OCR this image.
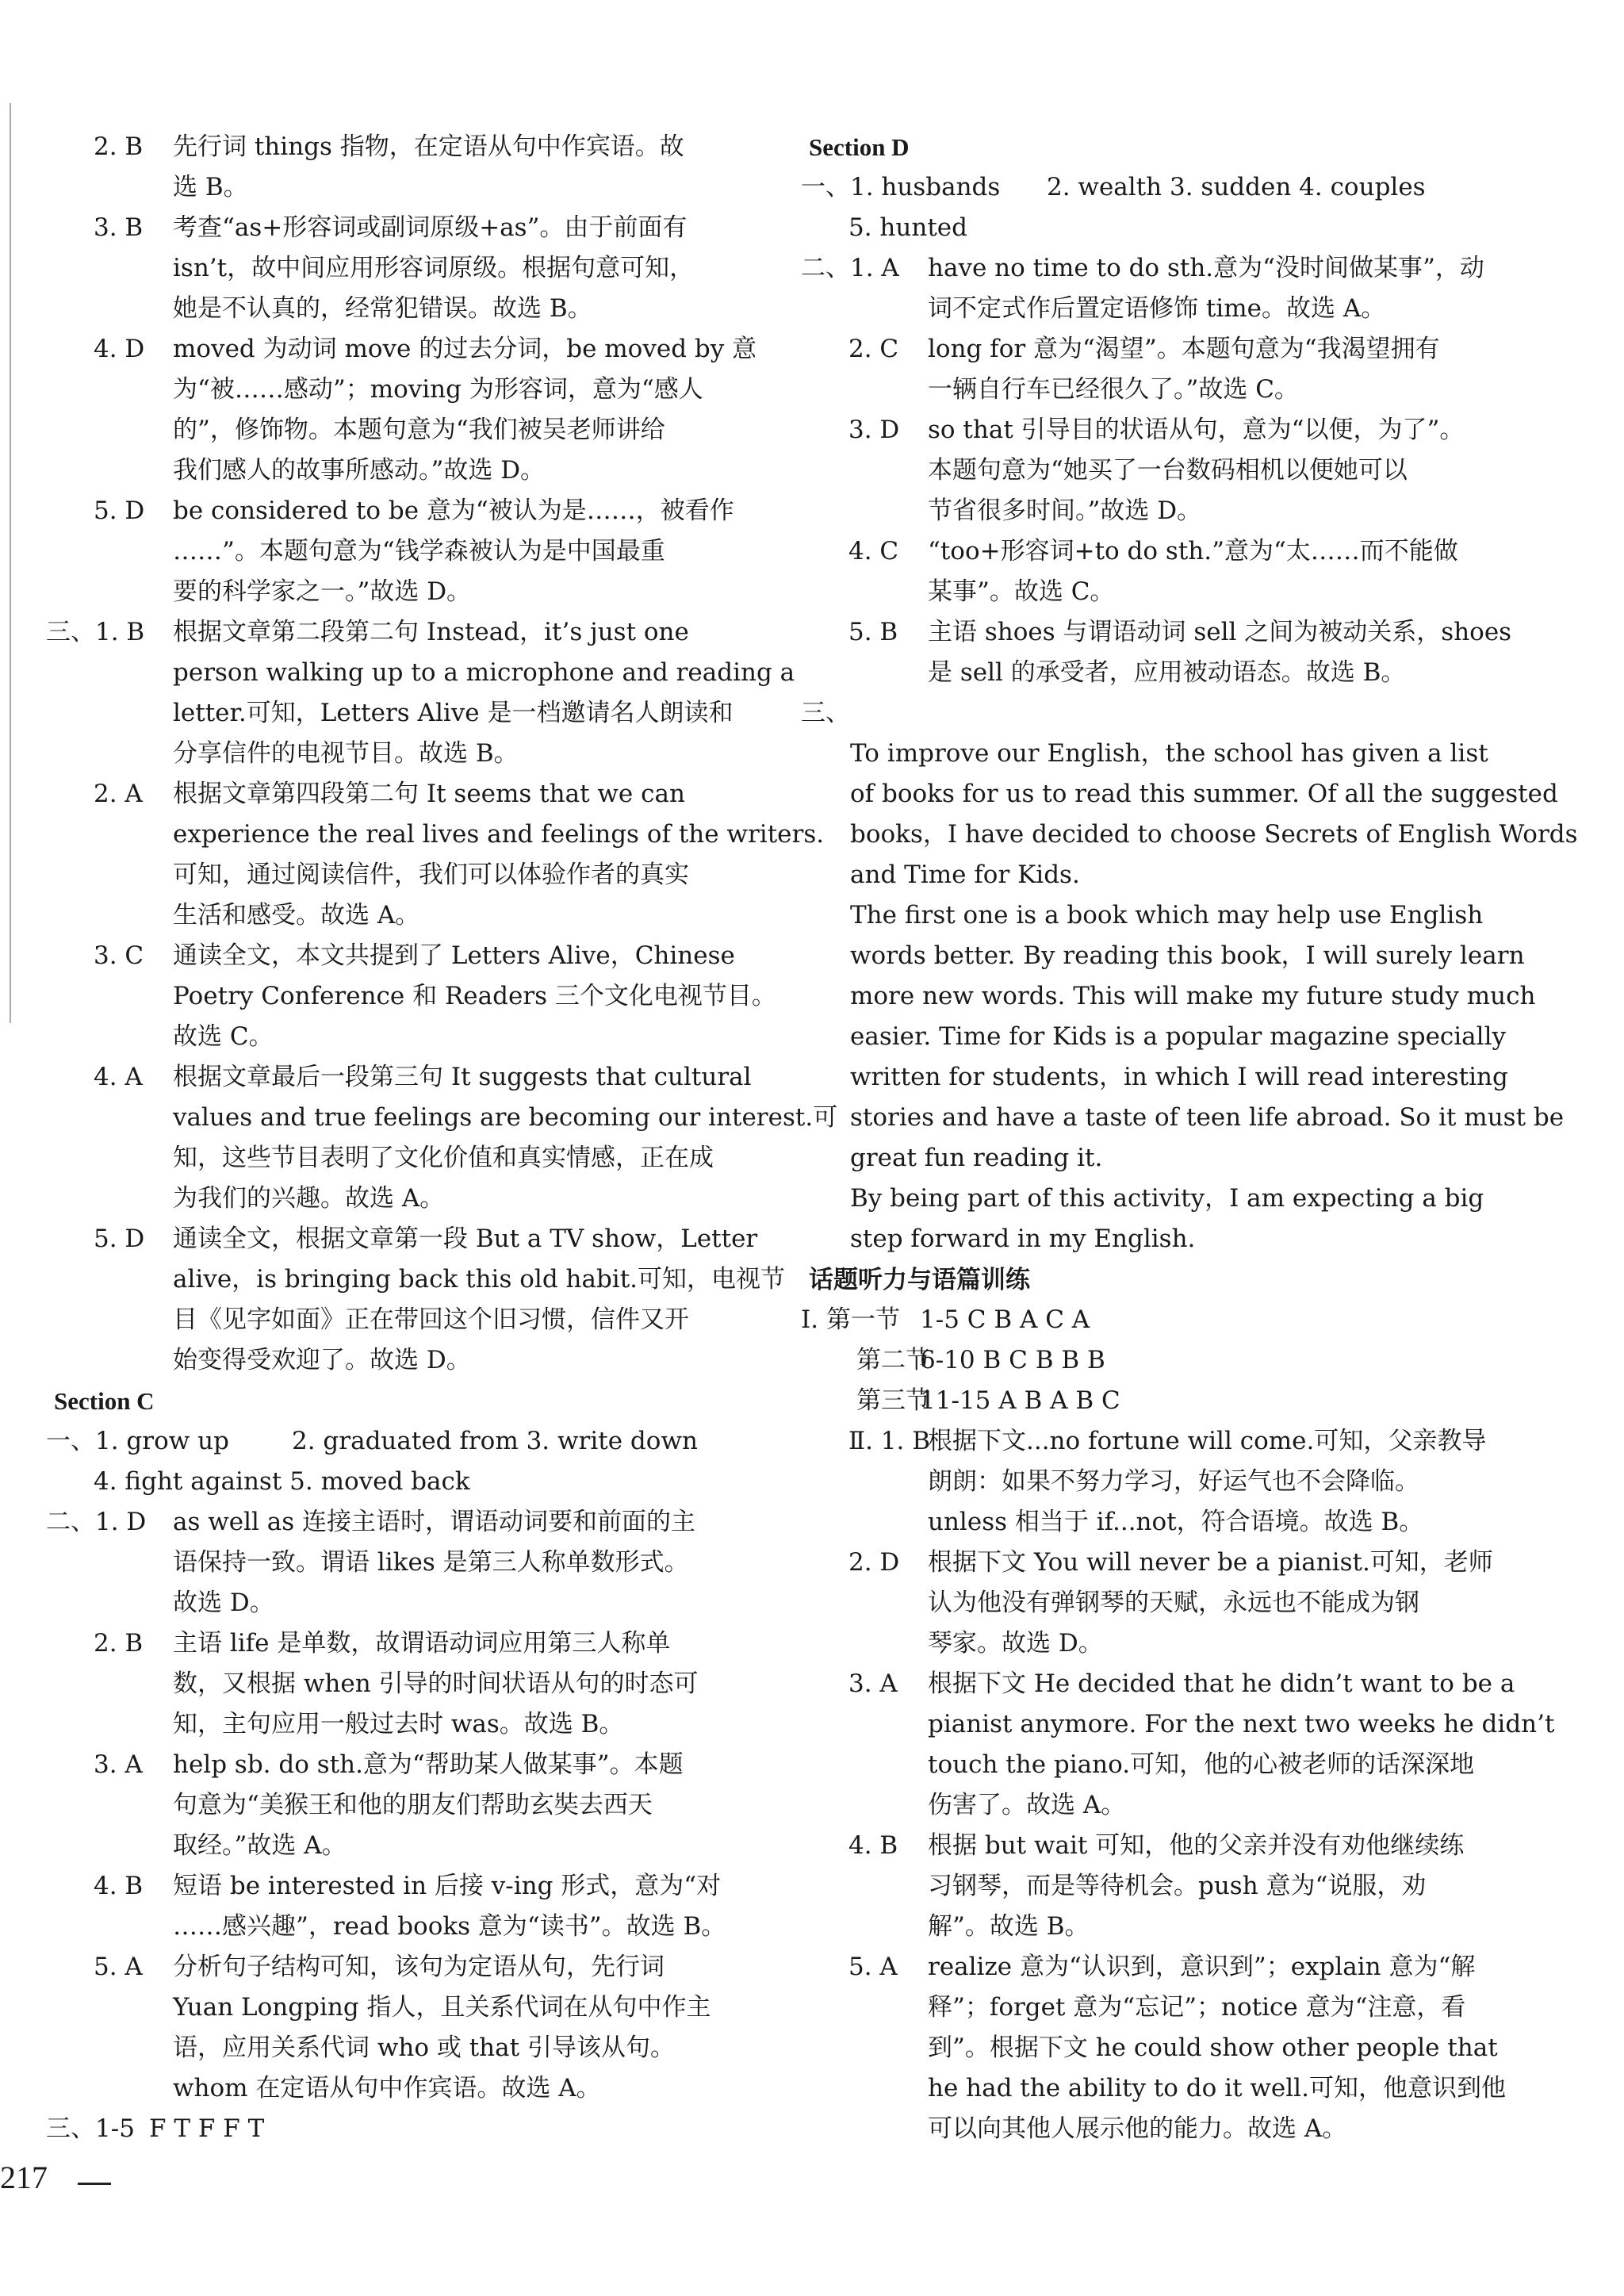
2. B 先行词 things 指物，在定语从句中作宾语。故
选 B。
3. B 考查“as+形容词或副词原级+as”。由于前面有
isn’t，故中间应用形容词原级。根据句意可知，
她是不认真的，经常犯错误。故选 B。
4. D moved 为动词 move 的过去分词，be moved by 意
为“被……感动”；moving 为形容词，意为“感人
的”，修饰物。本题句意为“我们被吴老师讲给
我们感人的故事所感动。”故选 D。
5. D be considered to be 意为“被认为是……，被看作
……”。本题句意为“钱学森被认为是中国最重
要的科学家之一。”故选 D。
三、1. B 根据文章第二段第二句 Instead，it’s just one
person walking up to a microphone and reading a
letter.可知，Letters Alive 是一档邀请名人朗读和
分享信件的电视节目。故选 B。
2. A 根据文章第四段第二句 It seems that we can
experience the real lives and feelings of the writers.
可知，通过阅读信件，我们可以体验作者的真实
生活和感受。故选 A。
3. C 通读全文，本文共提到了 Letters Alive，Chinese
Poetry Conference 和 Readers 三个文化电视节目。
故选 C。
4. A 根据文章最后一段第三句 It suggests that cultural
values and true feelings are becoming our interest.可
知，这些节目表明了文化价值和真实情感，正在成
为我们的兴趣。故选 A。
5. D 通读全文，根据文章第一段 But a TV show，Letter
alive，is bringing back this old habit.可知，电视节
目《见字如面》正在带回这个旧习惯，信件又开
始变得受欢迎了。故选 D。
Section C
一、1. grow up	2. graduated from 3. write down
4. fight against 5. moved back
二、1. D as well as 连接主语时，谓语动词要和前面的主
语保持一致。谓语 likes 是第三人称单数形式。
故选 D。
2. B 主语 life 是单数，故谓语动词应用第三人称单
数，又根据 when 引导的时间状语从句的时态可
知，主句应用一般过去时 was。故选 B。
3. A help sb. do sth.意为“帮助某人做某事”。本题
句意为“美猴王和他的朋友们帮助玄奘去西天
取经。”故选 A。
4. B 短语 be interested in 后接 v-ing 形式，意为“对
……感兴趣”，read books 意为“读书”。故选 B。
5. A 分析句子结构可知，该句为定语从句，先行词
Yuan Longping 指人，且关系代词在从句中作主
语，应用关系代词 who 或 that 引导该从句。
whom 在定语从句中作宾语。故选 A。
三、1-5 F T F F T
Section D
一、1. husbands 2. wealth 3. sudden 4. couples
5. hunted
二、1. A have no time to do sth.意为“没时间做某事”，动
词不定式作后置定语修饰 time。故选 A。
2. C long for 意为“渴望”。本题句意为“我渴望拥有
一辆自行车已经很久了。”故选 C。
3. D so that 引导目的状语从句，意为“以便，为了”。
本题句意为“她买了一台数码相机以便她可以
节省很多时间。”故选 D。
4. C “too+形容词+to do sth.”意为“太……而不能做
某事”。故选 C。
5. B 主语 shoes 与谓语动词 sell 之间为被动关系，shoes
是 sell 的承受者，应用被动语态。故选 B。
三、
To improve our English，the school has given a list
of books for us to read this summer. Of all the suggested
books，I have decided to choose Secrets of English Words
and Time for Kids.
The first one is a book which may help use English
words better. By reading this book，I will surely learn
more new words. This will make my future study much
easier. Time for Kids is a popular magazine specially
written for students，in which I will read interesting
stories and have a taste of teen life abroad. So it must be
great fun reading it.
By being part of this activity，I am expecting a big
step forward in my English.
话题听力与语篇训练
Ⅰ. 第一节 1-5 C B A C A
第二节
6-10 B C B B B
第三节
11-15 A B A B C
Ⅱ. 1. B
根据下文...no fortune will come.可知，父亲教导
朗朗：如果不努力学习，好运气也不会降临。
unless 相当于 if...not，符合语境。故选 B。
2. D 根据下文 You will never be a pianist.可知，老师
认为他没有弹钢琴的天赋，永远也不能成为钢
琴家。故选 D。
3. A 根据下文 He decided that he didn’t want to be a
pianist anymore. For the next two weeks he didn’t
touch the piano.可知，他的心被老师的话深深地
伤害了。故选 A。
4. B 根据 but wait 可知，他的父亲并没有劝他继续练
习钢琴，而是等待机会。push 意为“说服，劝
解”。故选 B。
5. A realize 意为“认识到，意识到”；explain 意为“解
释”；forget 意为“忘记”；notice 意为“注意，看
到”。根据下文 he could show other people that
he had the ability to do it well.可知，他意识到他
可以向其他人展示他的能力。故选 A。
217
